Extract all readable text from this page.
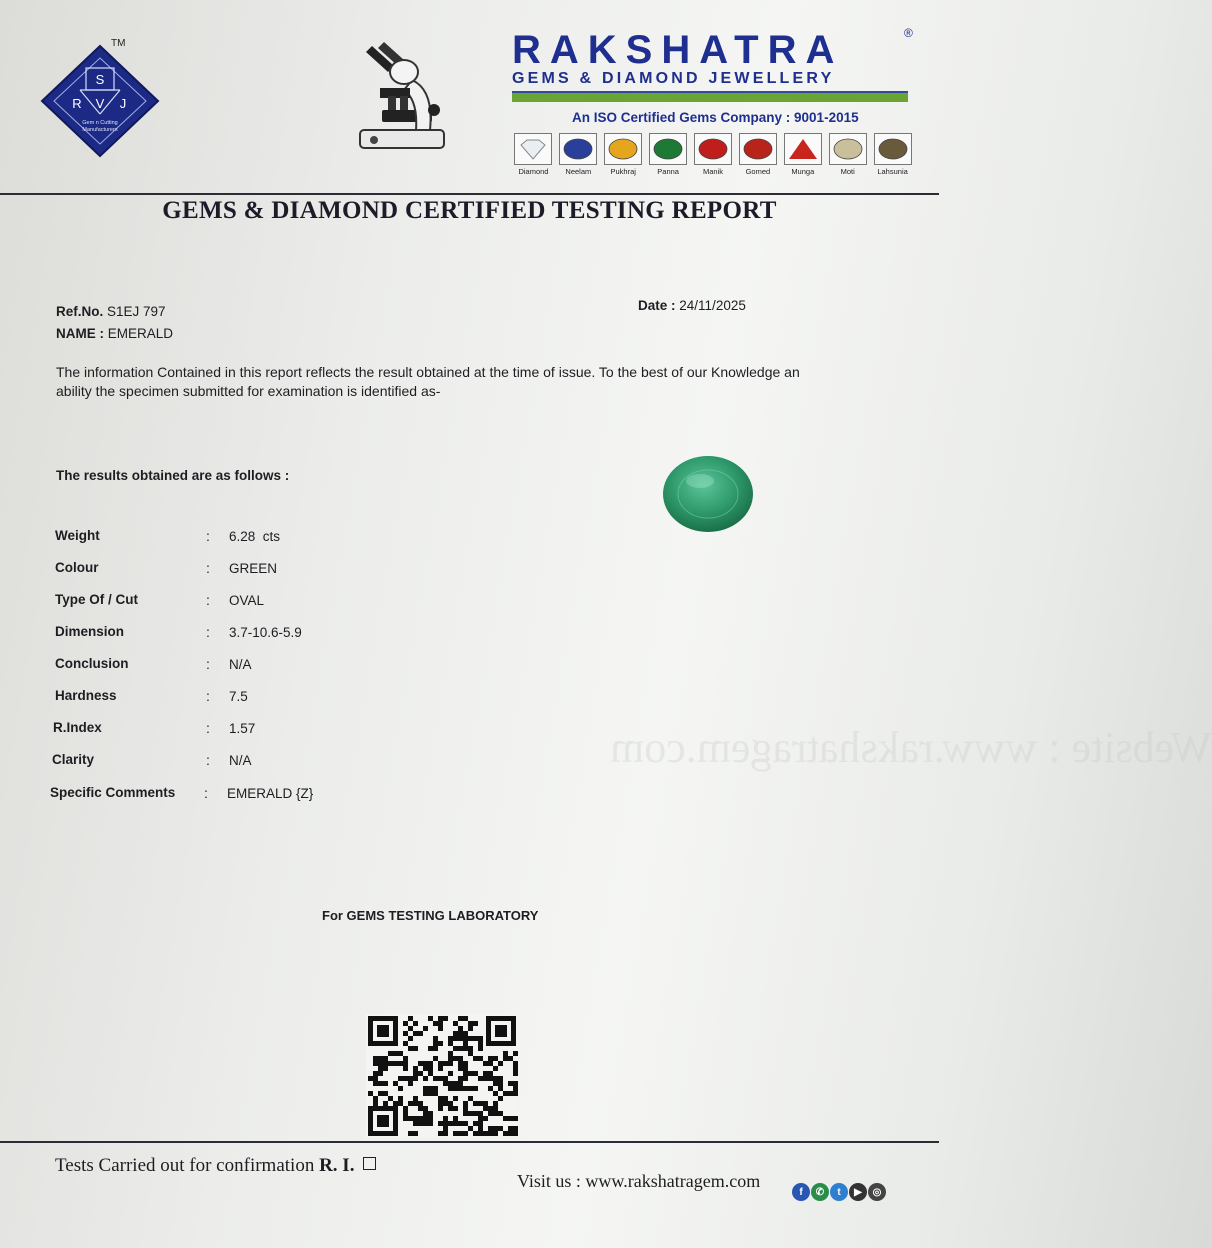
Website : www.rakshatragem.com
S
R V J
Gem n Cutting
Manufacturers
TM	RAKSHATRA	®
GEMS & DIAMOND JEWELLERY
An ISO Certified Gems Company : 9001-2015
Diamond Neelam	Pukhraj	Panna	Manik	Gomed	Munga	Moti	Lahsunia
GEMS & DIAMOND CERTIFIED TESTING REPORT
Ref.No. S1EJ 797
NAME : EMERALD
Date : 24/11/2025
The information Contained in this report reflects the result obtained at the time of issue. To the best of our Knowledge an ability the specimen submitted for examination is identified as-
The results obtained are as follows :
Weight	: 6.28  cts
Colour	: GREEN
Type Of / Cut	: OVAL
Dimension	: 3.7-10.6-5.9
Conclusion	: N/A
Hardness	: 7.5
R.Index	: 1.57
Clarity	: N/A
Specific Comments : EMERALD {Z}
For GEMS TESTING LABORATORY
Tests Carried out for confirmation R. I.
Visit us : www.rakshatragem.com
f	✆	t	▶	◎
